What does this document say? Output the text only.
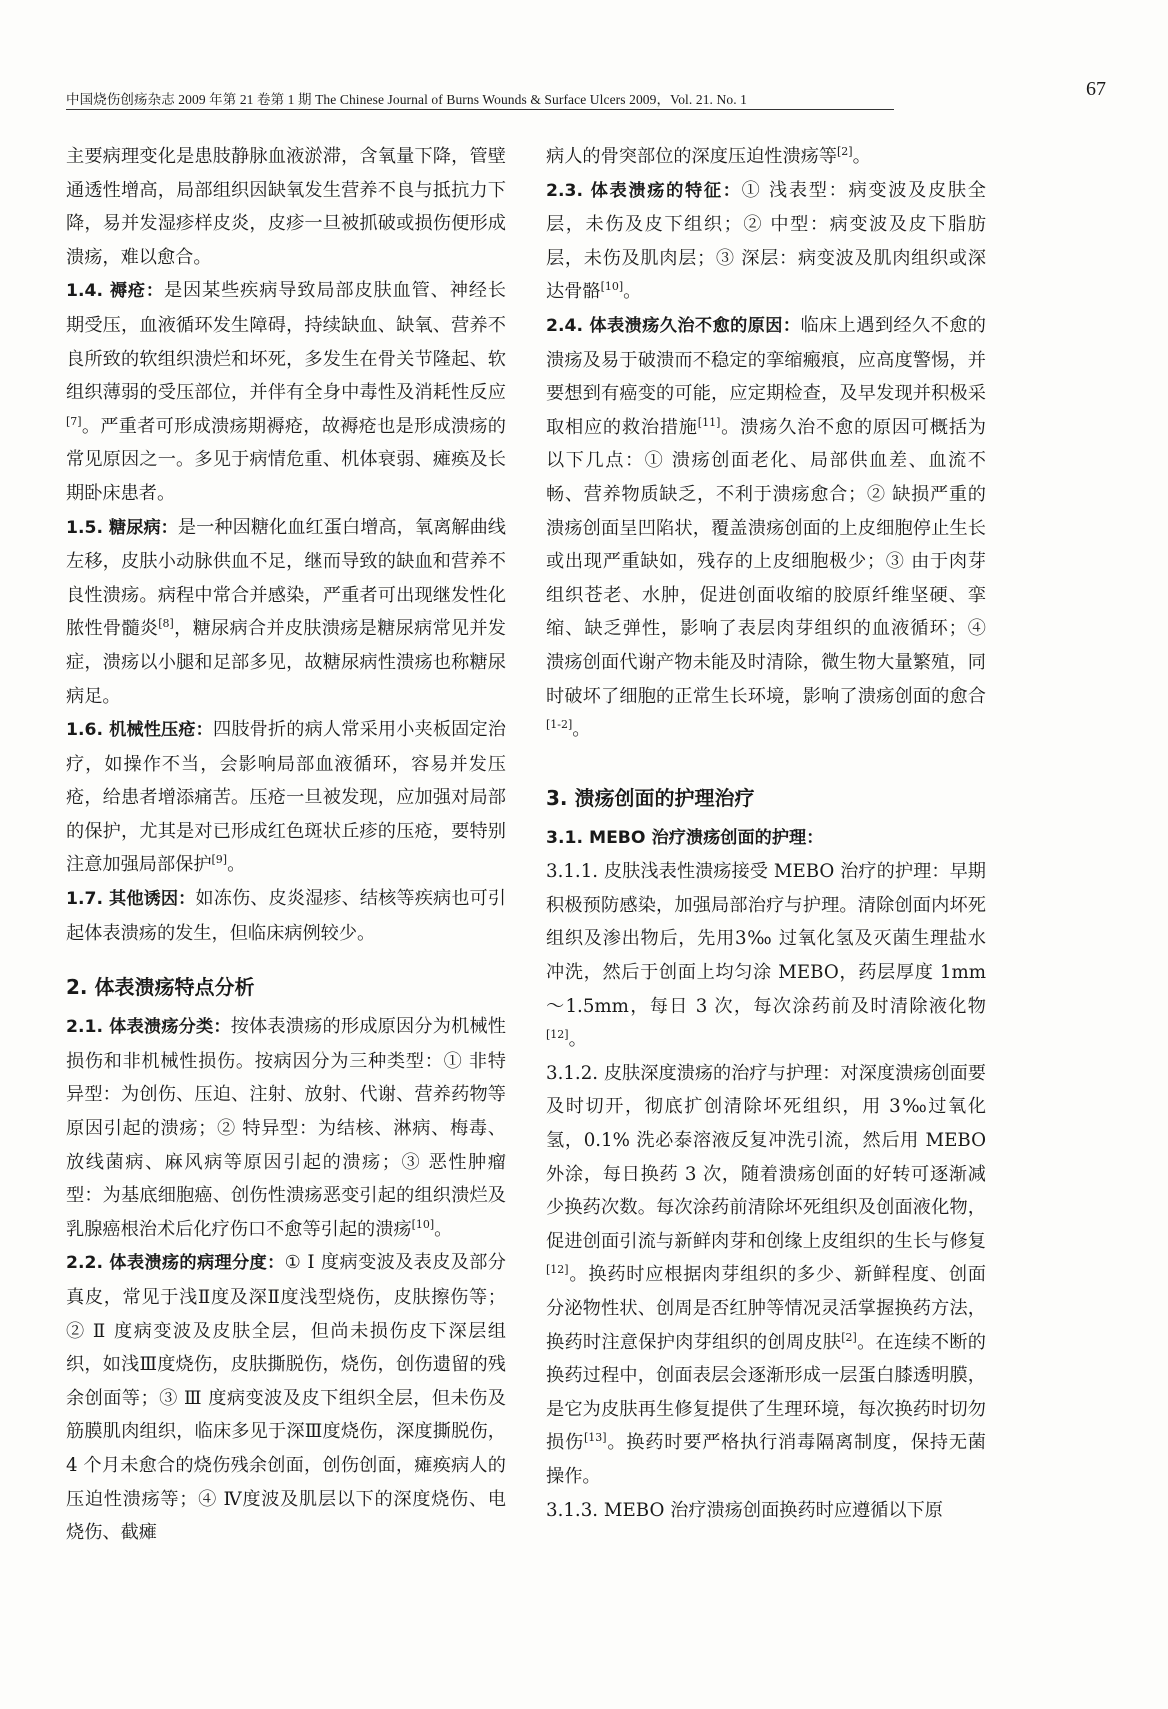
中国烧伤创疡杂志 2009 年第 21 卷第 1 期 The Chinese Journal of Burns Wounds & Surface Ulcers 2009，Vol. 21. No. 1	67

主要病理变化是患肢静脉血液淤滞，含氧量下降，管壁通透性增高，局部组织因缺氧发生营养不良与抵抗力下降，易并发湿疹样皮炎，皮疹一旦被抓破或损伤便形成溃疡，难以愈合。

1.4. 褥疮：是因某些疾病导致局部皮肤血管、神经长期受压，血液循环发生障碍，持续缺血、缺氧、营养不良所致的软组织溃烂和坏死，多发生在骨关节隆起、软组织薄弱的受压部位，并伴有全身中毒性及消耗性反应[7]。严重者可形成溃疡期褥疮，故褥疮也是形成溃疡的常见原因之一。多见于病情危重、机体衰弱、瘫痪及长期卧床患者。

1.5. 糖尿病：是一种因糖化血红蛋白增高，氧离解曲线左移，皮肤小动脉供血不足，继而导致的缺血和营养不良性溃疡。病程中常合并感染，严重者可出现继发性化脓性骨髓炎[8]，糖尿病合并皮肤溃疡是糖尿病常见并发症，溃疡以小腿和足部多见，故糖尿病性溃疡也称糖尿病足。

1.6. 机械性压疮：四肢骨折的病人常采用小夹板固定治疗，如操作不当，会影响局部血液循环，容易并发压疮，给患者增添痛苦。压疮一旦被发现，应加强对局部的保护，尤其是对已形成红色斑状丘疹的压疮，要特别注意加强局部保护[9]。

1.7. 其他诱因：如冻伤、皮炎湿疹、结核等疾病也可引起体表溃疡的发生，但临床病例较少。

2. 体表溃疡特点分析

2.1. 体表溃疡分类：按体表溃疡的形成原因分为机械性损伤和非机械性损伤。按病因分为三种类型：① 非特异型：为创伤、压迫、注射、放射、代谢、营养药物等原因引起的溃疡；② 特异型：为结核、淋病、梅毒、放线菌病、麻风病等原因引起的溃疡；③ 恶性肿瘤型：为基底细胞癌、创伤性溃疡恶变引起的组织溃烂及乳腺癌根治术后化疗伤口不愈等引起的溃疡[10]。

2.2. 体表溃疡的病理分度：① Ⅰ 度病变波及表皮及部分真皮，常见于浅Ⅱ度及深Ⅱ度浅型烧伤，皮肤擦伤等；② Ⅱ 度病变波及皮肤全层，但尚未损伤皮下深层组织，如浅Ⅲ度烧伤，皮肤撕脱伤，烧伤，创伤遗留的残余创面等；③ Ⅲ 度病变波及皮下组织全层，但未伤及筋膜肌肉组织，临床多见于深Ⅲ度烧伤，深度撕脱伤，4 个月未愈合的烧伤残余创面，创伤创面，瘫痪病人的压迫性溃疡等；④ Ⅳ度波及肌层以下的深度烧伤、电烧伤、截瘫

病人的骨突部位的深度压迫性溃疡等[2]。

2.3. 体表溃疡的特征：① 浅表型：病变波及皮肤全层，未伤及皮下组织；② 中型：病变波及皮下脂肪层，未伤及肌肉层；③ 深层：病变波及肌肉组织或深达骨骼[10]。

2.4. 体表溃疡久治不愈的原因：临床上遇到经久不愈的溃疡及易于破溃而不稳定的挛缩瘢痕，应高度警惕，并要想到有癌变的可能，应定期检查，及早发现并积极采取相应的救治措施[11]。溃疡久治不愈的原因可概括为以下几点：① 溃疡创面老化、局部供血差、血流不畅、营养物质缺乏，不利于溃疡愈合；② 缺损严重的溃疡创面呈凹陷状，覆盖溃疡创面的上皮细胞停止生长或出现严重缺如，残存的上皮细胞极少；③ 由于肉芽组织苍老、水肿，促进创面收缩的胶原纤维坚硬、挛缩、缺乏弹性，影响了表层肉芽组织的血液循环；④ 溃疡创面代谢产物未能及时清除，微生物大量繁殖，同时破坏了细胞的正常生长环境，影响了溃疡创面的愈合[1-2]。

3. 溃疡创面的护理治疗

3.1. MEBO 治疗溃疡创面的护理：

3.1.1. 皮肤浅表性溃疡接受 MEBO 治疗的护理：早期积极预防感染，加强局部治疗与护理。清除创面内坏死组织及渗出物后，先用3‰ 过氧化氢及灭菌生理盐水冲洗，然后于创面上均匀涂 MEBO，药层厚度 1mm～1.5mm，每日 3 次，每次涂药前及时清除液化物[12]。

3.1.2. 皮肤深度溃疡的治疗与护理：对深度溃疡创面要及时切开，彻底扩创清除坏死组织，用 3‰过氧化氢，0.1% 洗必泰溶液反复冲洗引流，然后用 MEBO 外涂，每日换药 3 次，随着溃疡创面的好转可逐渐减少换药次数。每次涂药前清除坏死组织及创面液化物，促进创面引流与新鲜肉芽和创缘上皮组织的生长与修复[12]。换药时应根据肉芽组织的多少、新鲜程度、创面分泌物性状、创周是否红肿等情况灵活掌握换药方法，换药时注意保护肉芽组织的创周皮肤[2]。在连续不断的换药过程中，创面表层会逐渐形成一层蛋白膝透明膜，是它为皮肤再生修复提供了生理环境，每次换药时切勿损伤[13]。换药时要严格执行消毒隔离制度，保持无菌操作。

3.1.3. MEBO 治疗溃疡创面换药时应遵循以下原
